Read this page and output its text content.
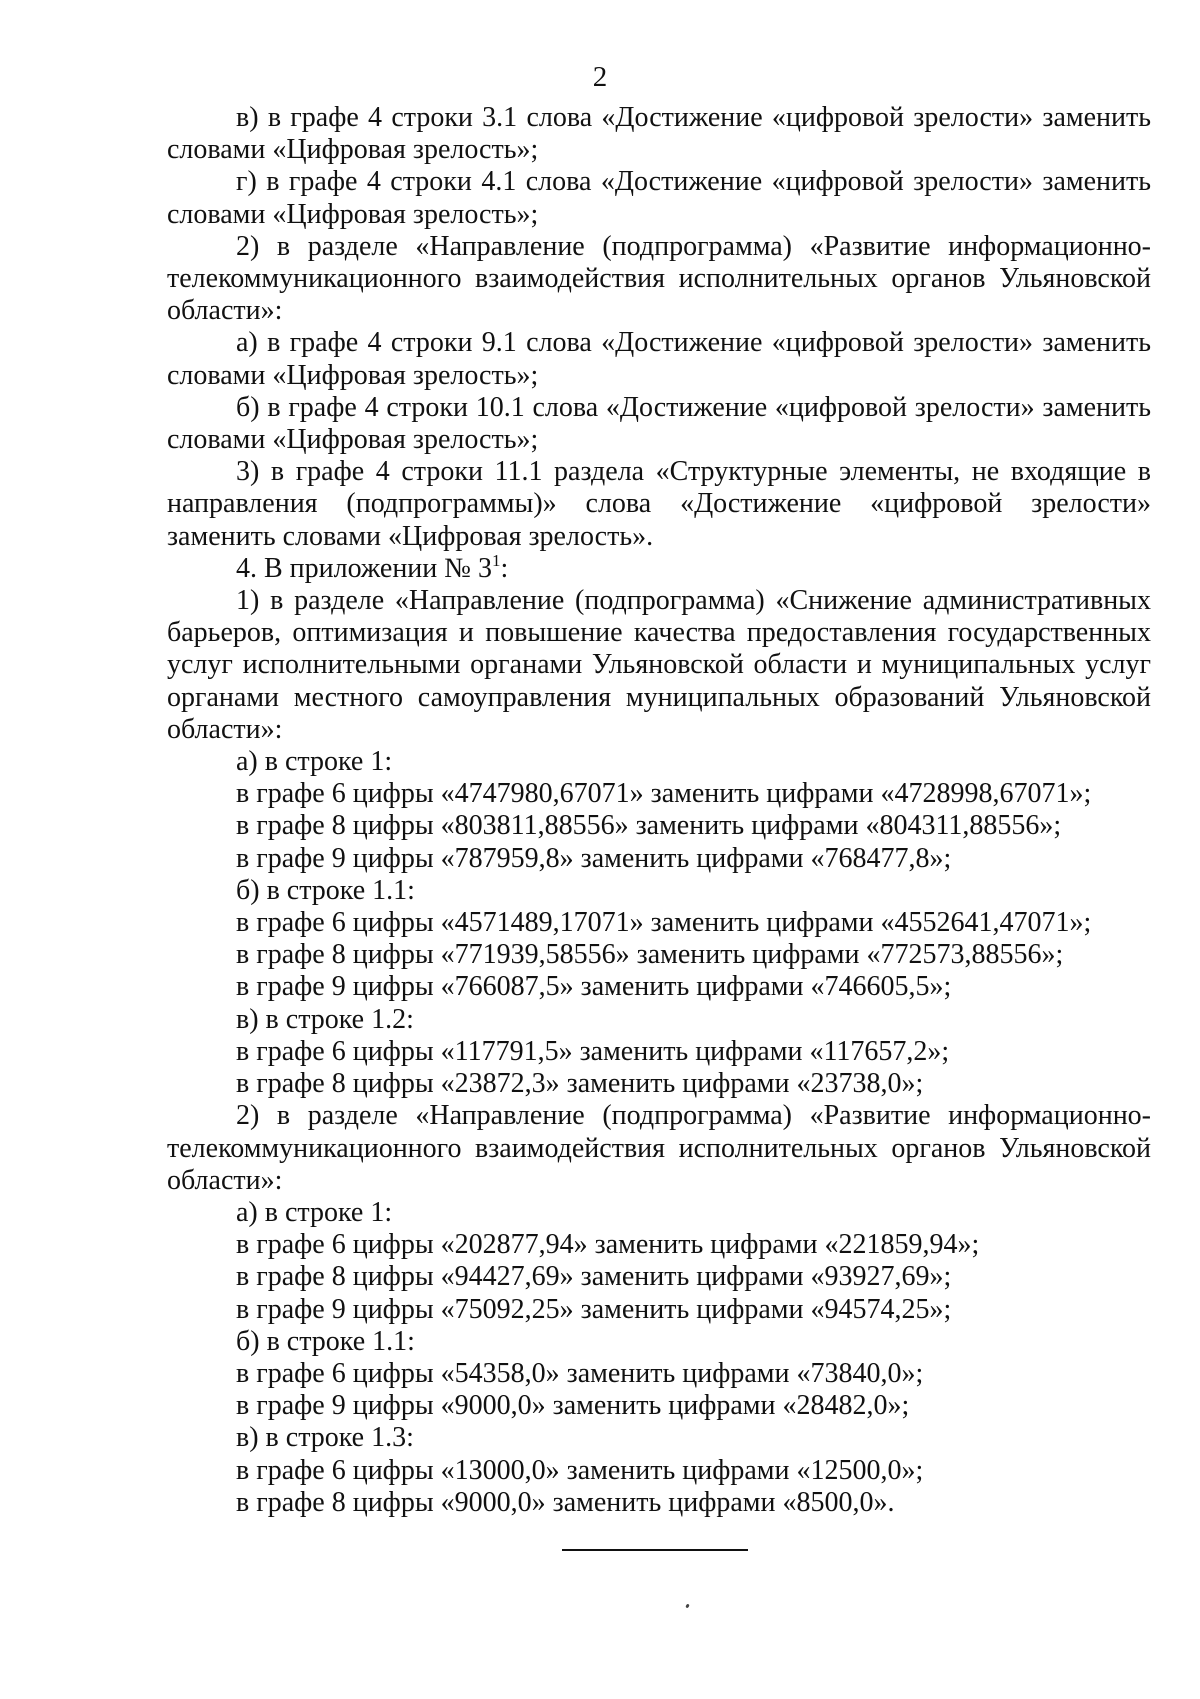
2

в) в графе 4 строки 3.1 слова «Достижение «цифровой зрелости» заменить словами «Цифровая зрелость»;

г) в графе 4 строки 4.1 слова «Достижение «цифровой зрелости» заменить словами «Цифровая зрелость»;

2) в разделе «Направление (подпрограмма) «Развитие информационно-телекоммуникационного взаимодействия исполнительных органов Ульяновской области»:

а) в графе 4 строки 9.1 слова «Достижение «цифровой зрелости» заменить словами «Цифровая зрелость»;

б) в графе 4 строки 10.1 слова «Достижение «цифровой зрелости» заменить словами «Цифровая зрелость»;

3) в графе 4 строки 11.1 раздела «Структурные элементы, не входящие в направления (подпрограммы)» слова «Достижение «цифровой зрелости» заменить словами «Цифровая зрелость».

4. В приложении № $3^1$:

1) в разделе «Направление (подпрограмма) «Снижение административных барьеров, оптимизация и повышение качества предоставления государственных услуг исполнительными органами Ульяновской области и муниципальных услуг органами местного самоуправления муниципальных образований Ульяновской области»:

а) в строке 1:

в графе 6 цифры «4747980,67071» заменить цифрами «4728998,67071»;

в графе 8 цифры «803811,88556» заменить цифрами «804311,88556»;

в графе 9 цифры «787959,8» заменить цифрами «768477,8»;

б) в строке 1.1:

в графе 6 цифры «4571489,17071» заменить цифрами «4552641,47071»;

в графе 8 цифры «771939,58556» заменить цифрами «772573,88556»;

в графе 9 цифры «766087,5» заменить цифрами «746605,5»;

в) в строке 1.2:

в графе 6 цифры «117791,5» заменить цифрами «117657,2»;

в графе 8 цифры «23872,3» заменить цифрами «23738,0»;

2) в разделе «Направление (подпрограмма) «Развитие информационно-телекоммуникационного взаимодействия исполнительных органов Ульяновской области»:

а) в строке 1:

в графе 6 цифры «202877,94» заменить цифрами «221859,94»;

в графе 8 цифры «94427,69» заменить цифрами «93927,69»;

в графе 9 цифры «75092,25» заменить цифрами «94574,25»;

б) в строке 1.1:

в графе 6 цифры «54358,0» заменить цифрами «73840,0»;

в графе 9 цифры «9000,0» заменить цифрами «28482,0»;

в) в строке 1.3:

в графе 6 цифры «13000,0» заменить цифрами «12500,0»;

в графе 8 цифры «9000,0» заменить цифрами «8500,0».
